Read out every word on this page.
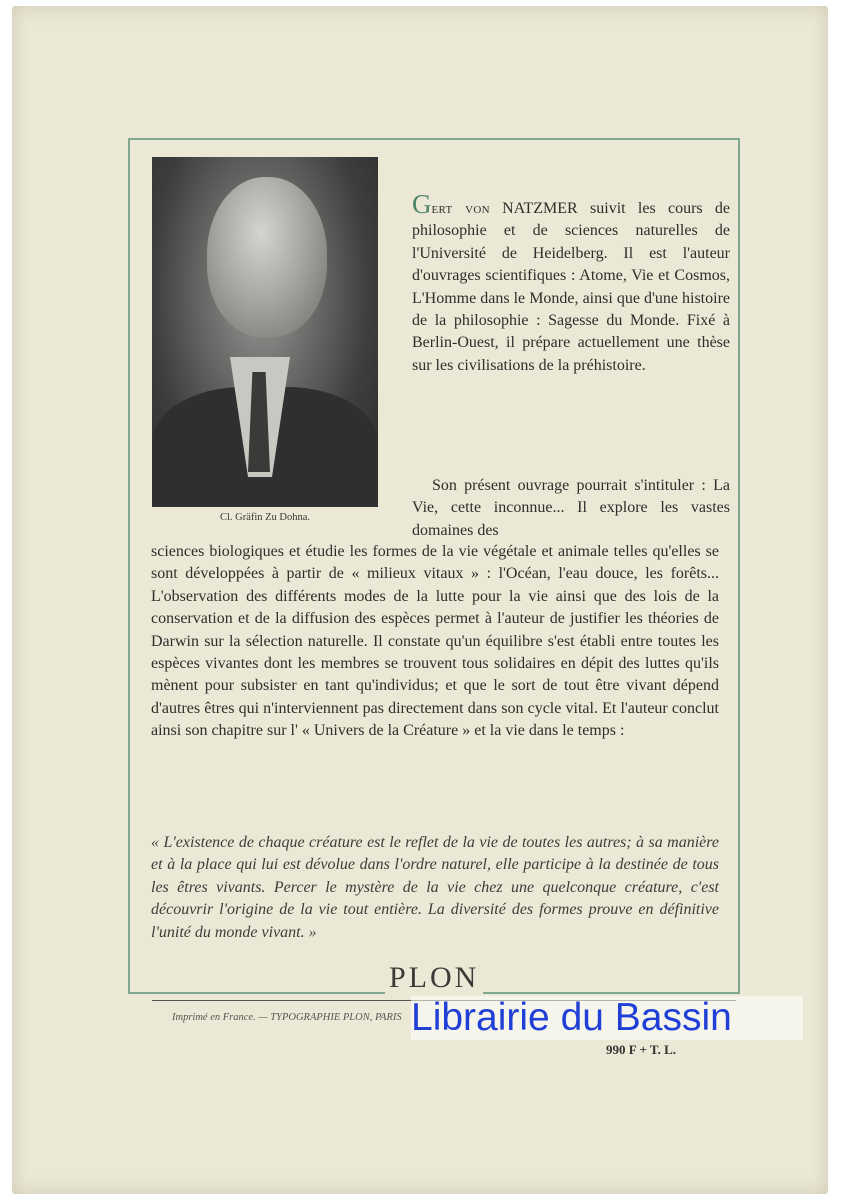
Cl. Gräfin Zu Dohna.
Gert von NATZMER suivit les cours de philosophie et de sciences naturelles de l'Université de Heidelberg. Il est l'auteur d'ouvrages scientifiques : Atome, Vie et Cosmos, L'Homme dans le Monde, ainsi que d'une histoire de la philosophie : Sagesse du Monde. Fixé à Berlin-Ouest, il prépare actuellement une thèse sur les civilisations de la préhistoire.
Son présent ouvrage pourrait s'intituler : La Vie, cette inconnue... Il explore les vastes domaines des
sciences biologiques et étudie les formes de la vie végétale et animale telles qu'elles se sont développées à partir de « milieux vitaux » : l'Océan, l'eau douce, les forêts... L'observation des différents modes de la lutte pour la vie ainsi que des lois de la conservation et de la diffusion des espèces permet à l'auteur de justifier les théories de Darwin sur la sélection naturelle. Il constate qu'un équilibre s'est établi entre toutes les espèces vivantes dont les membres se trouvent tous solidaires en dépit des luttes qu'ils mènent pour subsister en tant qu'individus; et que le sort de tout être vivant dépend d'autres êtres qui n'interviennent pas directement dans son cycle vital. Et l'auteur conclut ainsi son chapitre sur l' « Univers de la Créature » et la vie dans le temps :
« L'existence de chaque créature est le reflet de la vie de toutes les autres; à sa manière et à la place qui lui est dévolue dans l'ordre naturel, elle participe à la destinée de tous les êtres vivants. Percer le mystère de la vie chez une quelconque créature, c'est découvrir l'origine de la vie tout entière. La diversité des formes prouve en définitive l'unité du monde vivant. »
PLON
Imprimé en France. — TYPOGRAPHIE PLON, PARIS
990 F + T. L.
Librairie du Bassin
